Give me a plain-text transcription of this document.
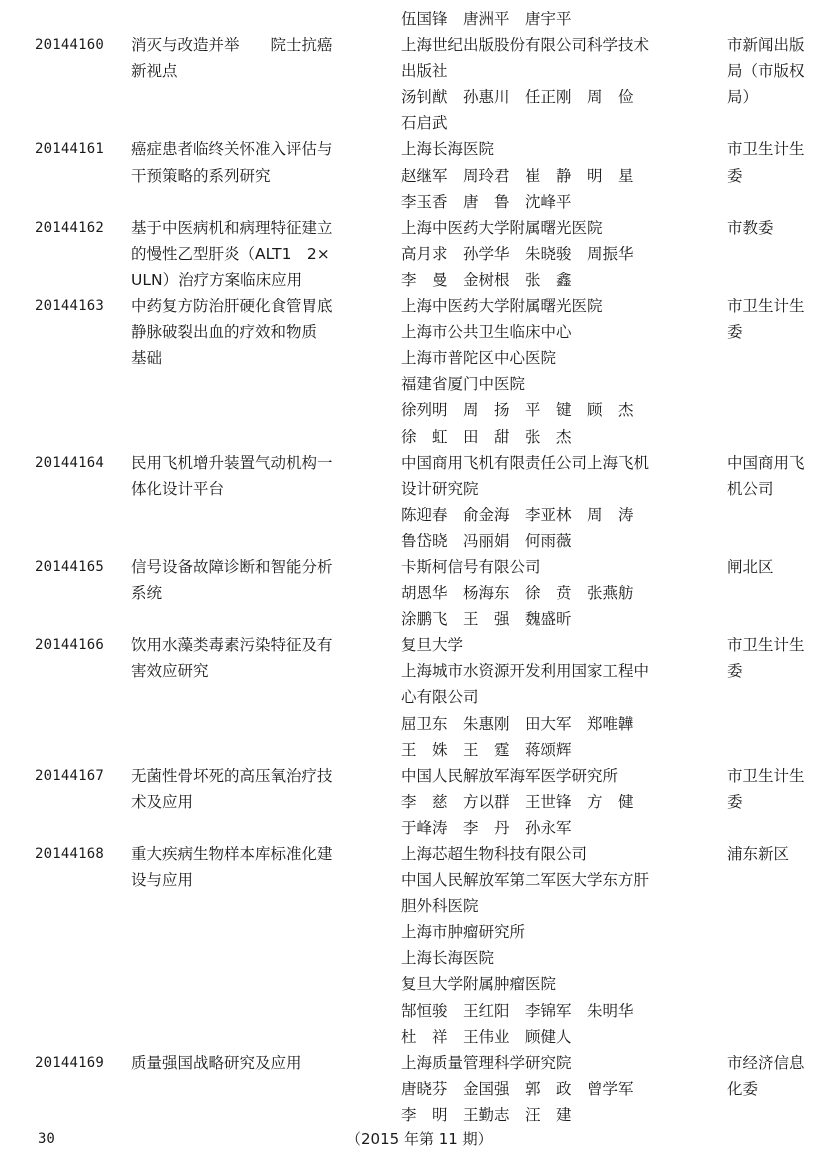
伍国锋　唐洲平　唐宇平
20144160	消灭与改造并举　　院士抗癌	上海世纪出版股份有限公司科学技术	市新闻出版
新视点	出版社	局（市版权
汤钊猷　孙惠川　任正刚　周　俭	局）
石启武
20144161	癌症患者临终关怀准入评估与	上海长海医院	市卫生计生
干预策略的系列研究	赵继军　周玲君　崔　静　明　星	委
李玉香　唐　鲁　沈峰平
20144162	基于中医病机和病理特征建立	上海中医药大学附属曙光医院	市教委
的慢性乙型肝炎（ALT1　2×	高月求　孙学华　朱晓骏　周振华
ULN）治疗方案临床应用	李　曼　金树根　张　鑫
20144163	中药复方防治肝硬化食管胃底	上海中医药大学附属曙光医院	市卫生计生
静脉破裂出血的疗效和物质	上海市公共卫生临床中心	委
基础	上海市普陀区中心医院
福建省厦门中医院
徐列明　周　扬　平　键　顾　杰
徐　虹　田　甜　张　杰
20144164	民用飞机增升装置气动机构一	中国商用飞机有限责任公司上海飞机	中国商用飞
体化设计平台	设计研究院	机公司
陈迎春　俞金海　李亚林　周　涛
鲁岱晓　冯丽娟　何雨薇
20144165	信号设备故障诊断和智能分析	卡斯柯信号有限公司	闸北区
系统	胡恩华　杨海东　徐　贲　张燕舫
涂鹏飞　王　强　魏盛昕
20144166	饮用水藻类毒素污染特征及有	复旦大学	市卫生计生
害效应研究	上海城市水资源开发利用国家工程中	委
心有限公司
屈卫东　朱惠刚　田大军　郑唯韡
王　姝　王　霆　蒋颂辉
20144167	无菌性骨坏死的高压氧治疗技	中国人民解放军海军医学研究所	市卫生计生
术及应用	李　慈　方以群　王世锋　方　健	委
于峰涛　李　丹　孙永军
20144168	重大疾病生物样本库标准化建	上海芯超生物科技有限公司	浦东新区
设与应用	中国人民解放军第二军医大学东方肝
胆外科医院
上海市肿瘤研究所
上海长海医院
复旦大学附属肿瘤医院
郜恒骏　王红阳　李锦军　朱明华
杜　祥　王伟业　顾健人
20144169	质量强国战略研究及应用	上海质量管理科学研究院	市经济信息
唐晓芬　金国强　郭　政　曾学军	化委
李　明　王勤志　汪　建
30	（2015 年第 11 期）
